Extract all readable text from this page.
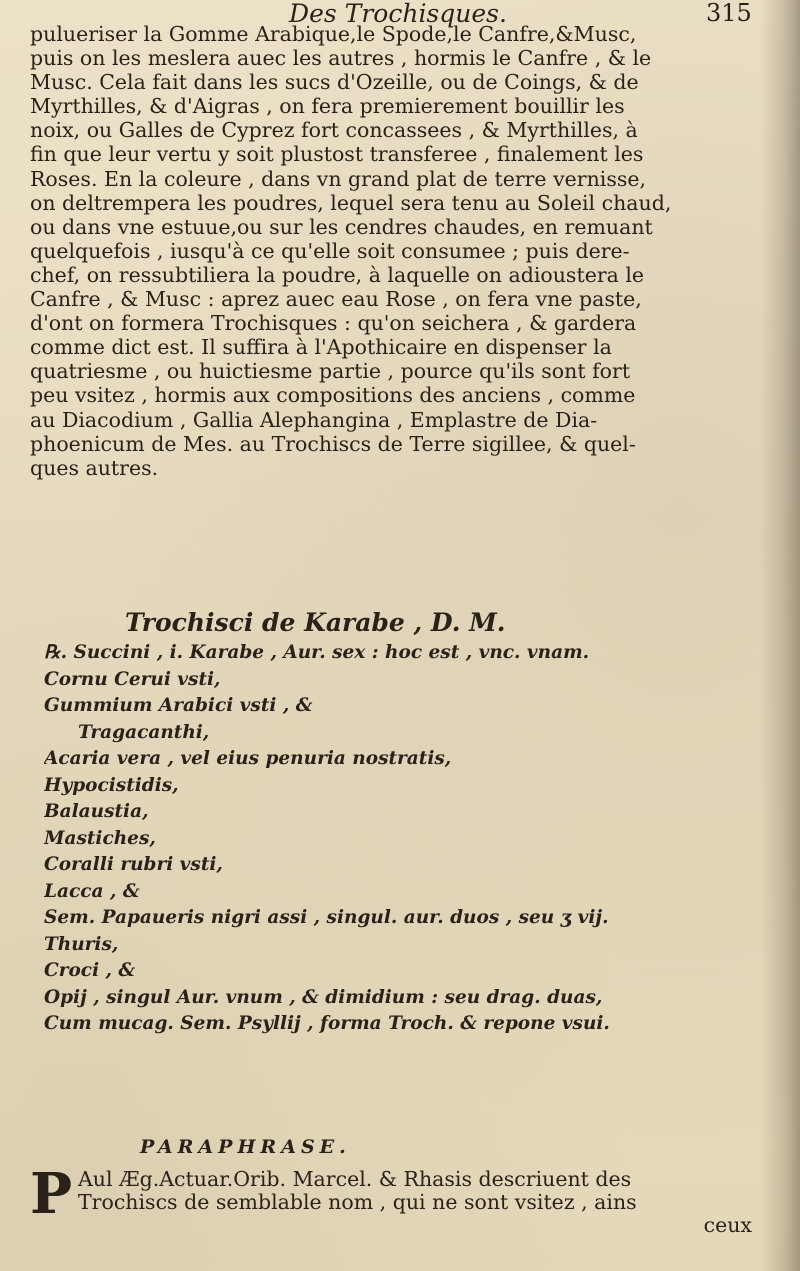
Des Trochisques.	315
pulueriser la Gomme Arabique,le Spode,le Canfre,&Musc,
puis on les meslera auec les autres , hormis le Canfre , & le
Musc. Cela fait dans les sucs d'Ozeille, ou de Coings, & de
Myrthilles, & d'Aigras , on fera premierement bouillir les
noix, ou Galles de Cyprez fort concassees , & Myrthilles, à
fin que leur vertu y soit plustost transferee , finalement les
Roses. En la coleure , dans vn grand plat de terre vernisse,
on deltrempera les poudres, lequel sera tenu au Soleil chaud,
ou dans vne estuue,ou sur les cendres chaudes, en remuant
quelquefois , iusqu'à ce qu'elle soit consumee ; puis dere-
chef, on ressubtiliera la poudre, à laquelle on adioustera le
Canfre , & Musc : aprez auec eau Rose , on fera vne paste,
d'ont on formera Trochisques : qu'on seichera , & gardera
comme dict est. Il suffira à l'Apothicaire en dispenser la
quatriesme , ou huictiesme partie , pource qu'ils sont fort
peu vsitez , hormis aux compositions des anciens , comme
au Diacodium , Gallia Alephangina , Emplastre de Dia-
phoenicum de Mes. au Trochiscs de Terre sigillee, & quel-
ques autres.
Trochisci de Karabe , D. M.
℞. Succini , i. Karabe , Aur. sex : hoc est , vnc. vnam.
Cornu Cerui vsti,
Gummium Arabici vsti , &
Tragacanthi,
Acaria vera , vel eius penuria nostratis,
Hypocistidis,
Balaustia,
Mastiches,
Coralli rubri vsti,
Lacca , &
Sem. Papaueris nigri assi , singul. aur. duos , seu ʒ vij.
Thuris,
Croci , &
Opij , singul Aur. vnum , & dimidium : seu drag. duas,
Cum mucag. Sem. Psyllij , forma Troch. & repone vsui.
PARAPHRASE.
P Aul Æg.Actuar.Orib. Marcel. & Rhasis descriuent des
Trochiscs de semblable nom , qui ne sont vsitez , ains
ceux
